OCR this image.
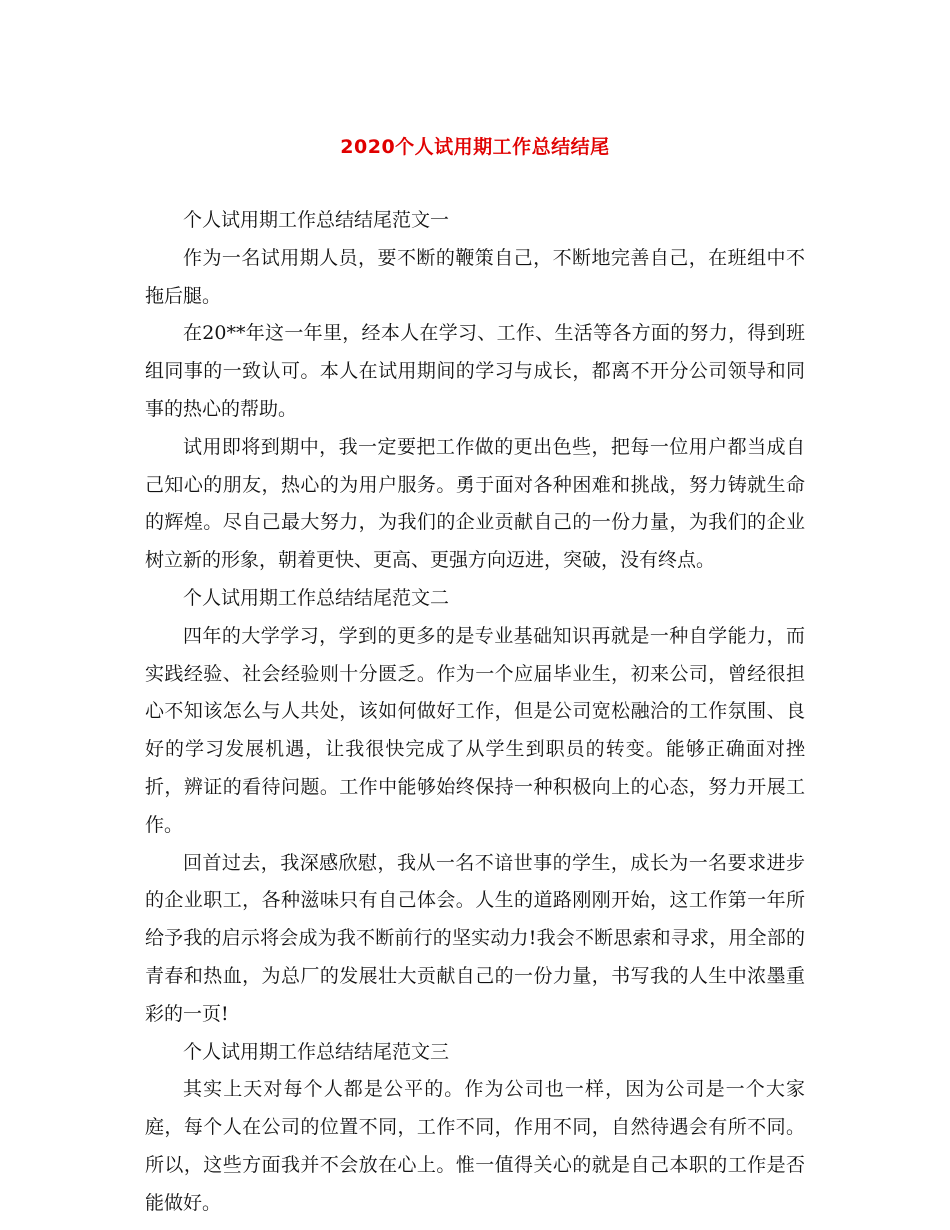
2020个人试用期工作总结结尾

个人试用期工作总结结尾范文一

作为一名试用期人员，要不断的鞭策自己，不断地完善自己，在班组中不拖后腿。

在20**年这一年里，经本人在学习、工作、生活等各方面的努力，得到班组同事的一致认可。本人在试用期间的学习与成长，都离不开分公司领导和同事的热心的帮助。

试用即将到期中，我一定要把工作做的更出色些，把每一位用户都当成自己知心的朋友，热心的为用户服务。勇于面对各种困难和挑战，努力铸就生命的辉煌。尽自己最大努力，为我们的企业贡献自己的一份力量，为我们的企业树立新的形象，朝着更快、更高、更强方向迈进，突破，没有终点。

个人试用期工作总结结尾范文二

四年的大学学习，学到的更多的是专业基础知识再就是一种自学能力，而实践经验、社会经验则十分匮乏。作为一个应届毕业生，初来公司，曾经很担心不知该怎么与人共处，该如何做好工作，但是公司宽松融洽的工作氛围、良好的学习发展机遇，让我很快完成了从学生到职员的转变。能够正确面对挫折，辨证的看待问题。工作中能够始终保持一种积极向上的心态，努力开展工作。

回首过去，我深感欣慰，我从一名不谙世事的学生，成长为一名要求进步的企业职工，各种滋味只有自己体会。人生的道路刚刚开始，这工作第一年所给予我的启示将会成为我不断前行的坚实动力!我会不断思索和寻求，用全部的青春和热血，为总厂的发展壮大贡献自己的一份力量，书写我的人生中浓墨重彩的一页!

个人试用期工作总结结尾范文三

其实上天对每个人都是公平的。作为公司也一样，因为公司是一个大家庭，每个人在公司的位置不同，工作不同，作用不同，自然待遇会有所不同。所以，这些方面我并不会放在心上。惟一值得关心的就是自己本职的工作是否能做好。
